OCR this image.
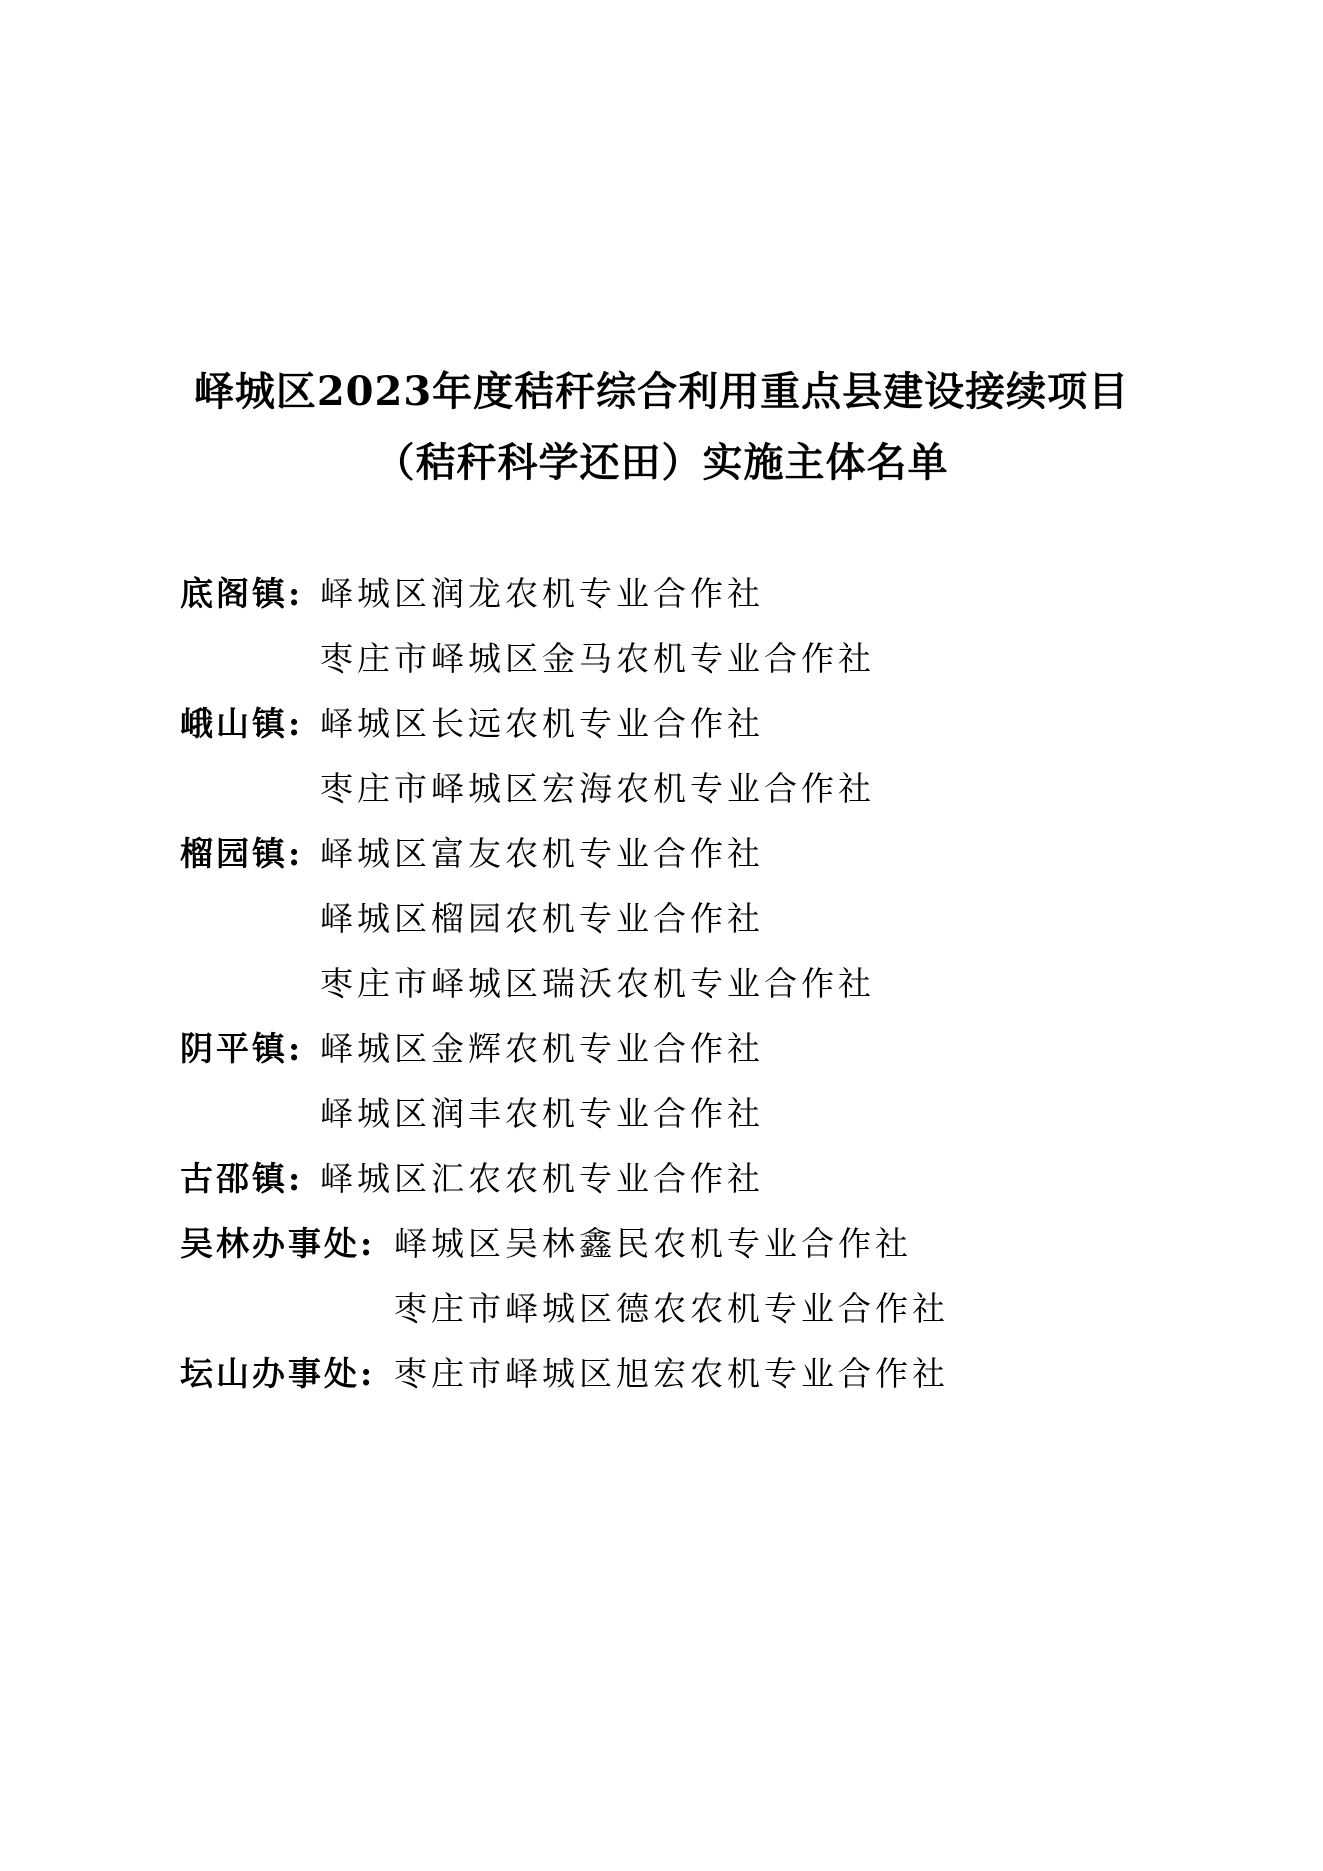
峄城区2023年度秸秆综合利用重点县建设接续项目
（秸秆科学还田）实施主体名单
底阁镇: 峄城区润龙农机专业合作社
枣庄市峄城区金马农机专业合作社
峨山镇: 峄城区长远农机专业合作社
枣庄市峄城区宏海农机专业合作社
榴园镇: 峄城区富友农机专业合作社
峄城区榴园农机专业合作社
枣庄市峄城区瑞沃农机专业合作社
阴平镇: 峄城区金辉农机专业合作社
峄城区润丰农机专业合作社
古邵镇: 峄城区汇农农机专业合作社
吴林办事处: 峄城区吴林鑫民农机专业合作社
枣庄市峄城区德农农机专业合作社
坛山办事处: 枣庄市峄城区旭宏农机专业合作社
